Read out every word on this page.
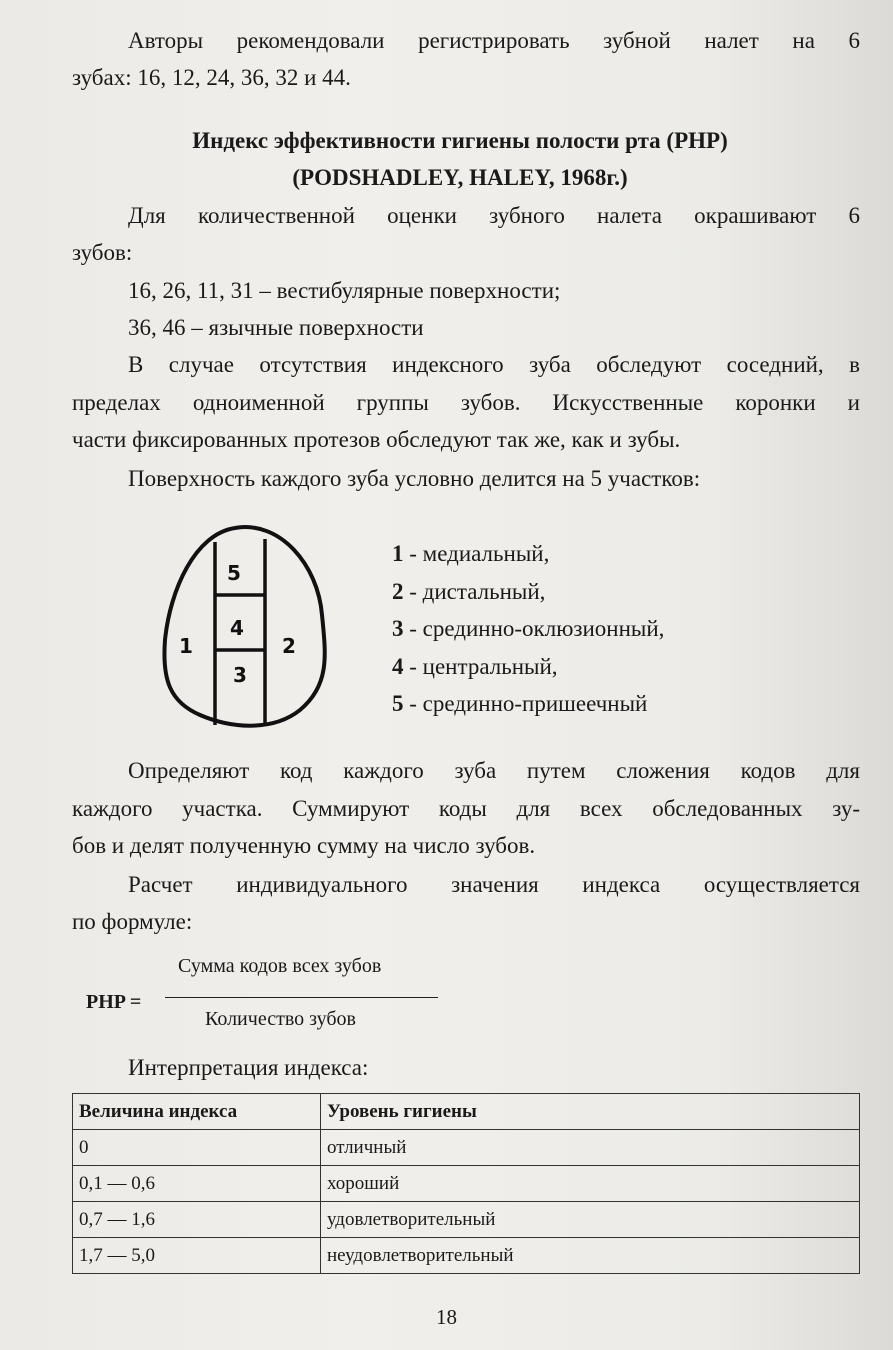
Авторы рекомендовали регистрировать зубной налет на 6

зубах: 16, 12, 24, 36, 32 и 44.

Индекс эффективности гигиены полости рта (PHP)
(PODSHADLEY, HALEY, 1968г.)

Для количественной оценки зубного налета окрашивают 6

зубов:

16, 26, 11, 31 – вестибулярные поверхности;

36, 46 – язычные поверхности

В случае отсутствия индексного зуба обследуют соседний, в

пределах одноименной группы зубов. Искусственные коронки и

части фиксированных протезов обследуют так же, как и зубы.

Поверхность каждого зуба условно делится на 5 участков:

1	2
3
4
5
1 - медиальный,
2 - дистальный,
3 - срединно-оклюзионный,
4 - центральный,
5 - срединно-пришеечный

Определяют код каждого зуба путем сложения кодов для

каждого участка. Суммируют коды для всех обследованных зу-

бов и делят полученную сумму на число зубов.

Расчет индивидуального значения индекса осуществляется

по формуле:

Сумма кодов всех зубов
PHP =
Количество зубов

Интерпретация индекса:

Величина индекса	Уровень гигиены
0	отличный
0,1 — 0,6	хороший
0,7 — 1,6	удовлетворительный
1,7 — 5,0	неудовлетворительный
18
